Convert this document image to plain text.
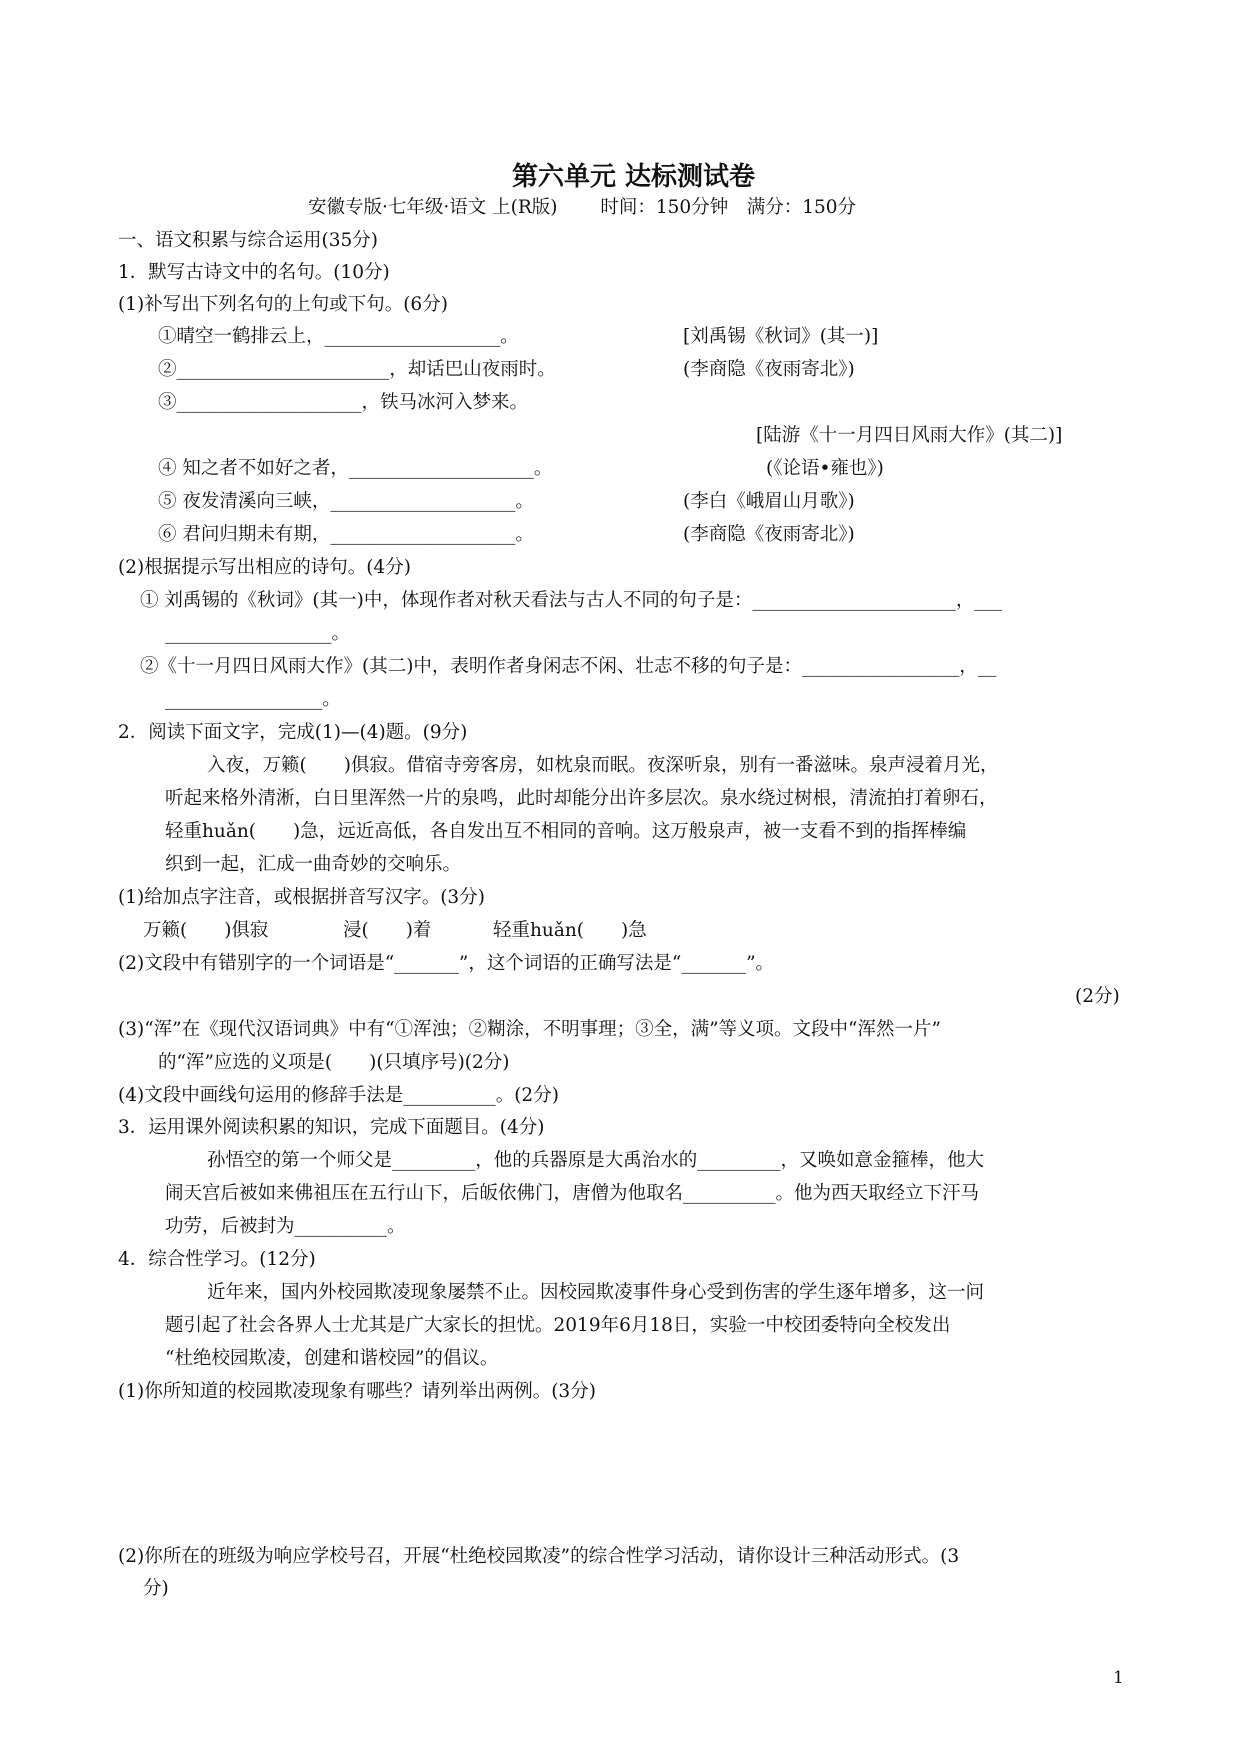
第六单元 达标测试卷
安徽专版·七年级·语文 上(R版)　　 时间：150分钟　满分：150分
一、语文积累与综合运用(35分)
1．默写古诗文中的名句。(10分)
(1)补写出下列名句的上句或下句。(6分)
①晴空一鹤排云上，___________________。	[刘禹锡《秋词》(其一)]
②_______________________，却话巴山夜雨时。	(李商隐《夜雨寄北》)
③____________________，铁马冰河入梦来。
[陆游《十一月四日风雨大作》(其二)]
④ 知之者不如好之者，____________________。	(《论语•雍也》)
⑤ 夜发清溪向三峡，____________________。	(李白《峨眉山月歌》)
⑥ 君问归期未有期，____________________。	(李商隐《夜雨寄北》)
(2)根据提示写出相应的诗句。(4分)
① 刘禹锡的《秋词》(其一)中，体现作者对秋天看法与古人不同的句子是：______________________，___
__________________。
②《十一月四日风雨大作》(其二)中，表明作者身闲志不闲、壮志不移的句子是：_________________，__
_________________。
2．阅读下面文字，完成(1)—(4)题。(9分)
入夜，万籁(　　)俱寂。借宿寺旁客房，如枕泉而眠。夜深听泉，别有一番滋味。泉声浸着月光，
听起来格外清淅，白日里浑然一片的泉鸣，此时却能分出许多层次。泉水绕过树根，清流拍打着卵石，
轻重huǎn(　　)急，远近高低，各自发出互不相同的音响。这万般泉声，被一支看不到的指挥棒编
织到一起，汇成一曲奇妙的交响乐。
(1)给加点字注音，或根据拼音写汉字。(3分)
万籁(　　)俱寂	浸(　　)着	轻重huǎn(　　)急
(2)文段中有错别字的一个词语是“_______”，这个词语的正确写法是“_______”。
(2分)
(3)“浑”在《现代汉语词典》中有“①浑浊；②糊涂，不明事理；③全，满”等义项。文段中“浑然一片”
的“浑”应选的义项是(　　)(只填序号)(2分)
(4)文段中画线句运用的修辞手法是__________。(2分)
3．运用课外阅读积累的知识，完成下面题目。(4分)
孙悟空的第一个师父是_________，他的兵器原是大禹治水的_________，又唤如意金箍棒，他大
闹天宫后被如来佛祖压在五行山下，后皈依佛门，唐僧为他取名__________。他为西天取经立下汗马
功劳，后被封为__________。
4．综合性学习。(12分)
近年来，国内外校园欺凌现象屡禁不止。因校园欺凌事件身心受到伤害的学生逐年增多，这一问
题引起了社会各界人士尤其是广大家长的担忧。2019年6月18日，实验一中校团委特向全校发出
“杜绝校园欺凌，创建和谐校园”的倡议。
(1)你所知道的校园欺凌现象有哪些？请列举出两例。(3分)
(2)你所在的班级为响应学校号召，开展“杜绝校园欺凌”的综合性学习活动，请你设计三种活动形式。(3
分)
1
